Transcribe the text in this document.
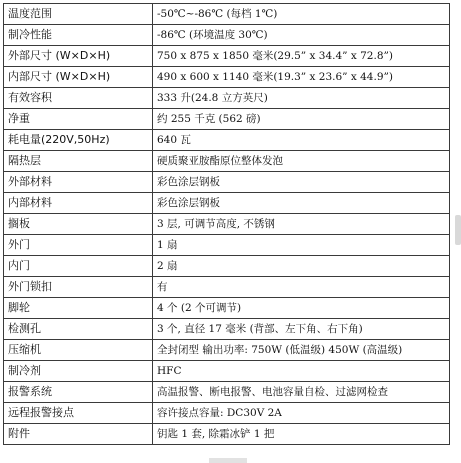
温度范围	-50℃~-86℃ (每档 1℃)
制冷性能	-86℃ (环境温度 30℃)
外部尺寸 (W×D×H)	750 x 875 x 1850 毫米(29.5” x 34.4” x 72.8”)
内部尺寸 (W×D×H)	490 x 600 x 1140 毫米(19.3” x 23.6” x 44.9”)
有效容积	333 升(24.8 立方英尺)
净重	约 255 千克 (562 磅)
耗电量(220V,50Hz)	640 瓦
隔热层	硬质聚亚胺酯原位整体发泡
外部材料	彩色涂层钢板
内部材料	彩色涂层钢板
搁板	3 层, 可调节高度, 不锈钢
外门	1 扇
内门	2 扇
外门锁扣	有
脚轮	4 个 (2 个可调节)
检测孔	3 个, 直径 17 毫米 (背部、左下角、右下角)
压缩机	全封闭型 输出功率: 750W (低温级) 450W (高温级)
制冷剂	HFC
报警系统	高温报警、断电报警、电池容量自检、过滤网检查
远程报警接点	容许接点容量: DC30V 2A
附件	钥匙 1 套, 除霜冰铲 1 把
